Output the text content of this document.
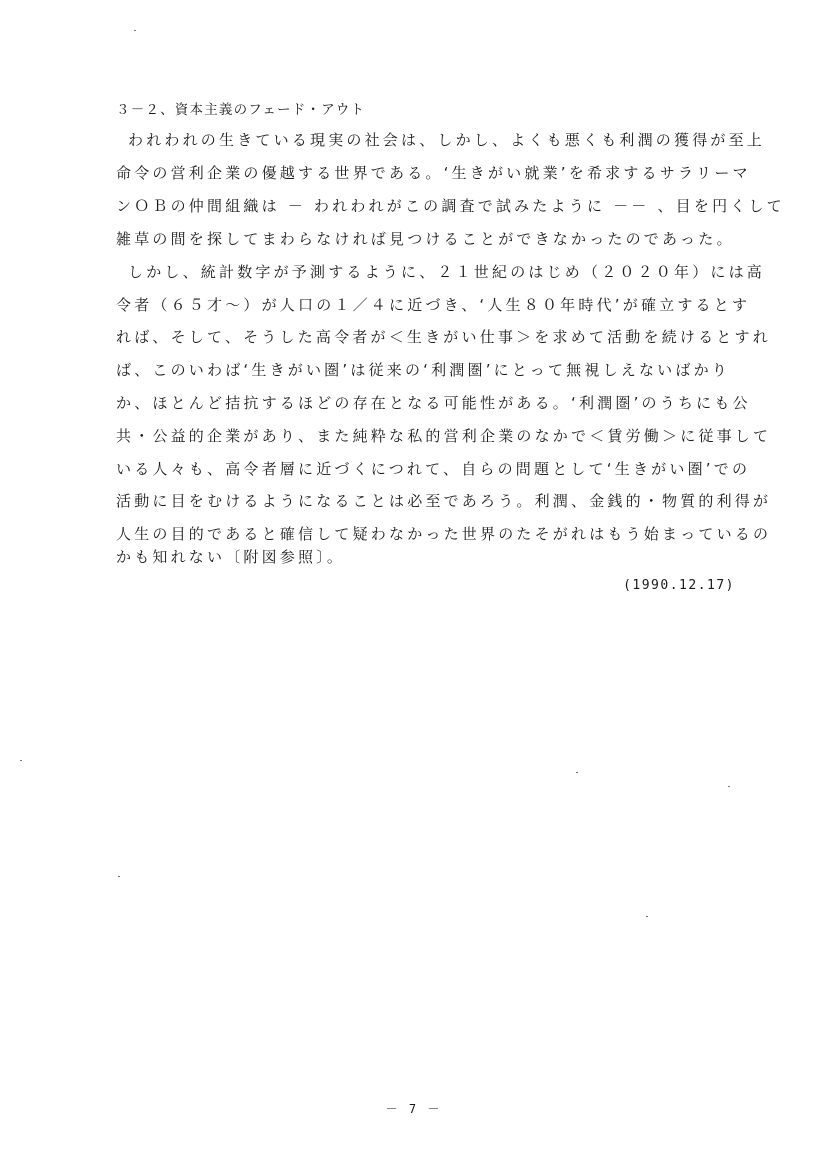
３－２、資本主義のフェード・アウト
われわれの生きている現実の社会は、しかし、よくも悪くも利潤の獲得が至上
命令の営利企業の優越する世界である。‘生きがい就業’を希求するサラリーマ
ンＯＢの仲間組織は － われわれがこの調査で試みたように －－ 、目を円くして
雑草の間を探してまわらなければ見つけることができなかったのであった。
しかし、統計数字が予測するように、２１世紀のはじめ（２０２０年）には高
令者（６５才～）が人口の１／４に近づき、‘人生８０年時代’が確立するとす
れば、そして、そうした高令者が＜生きがい仕事＞を求めて活動を続けるとすれ
ば、このいわば‘生きがい圏’は従来の‘利潤圏’にとって無視しえないばかり
か、ほとんど拮抗するほどの存在となる可能性がある。‘利潤圏’のうちにも公
共・公益的企業があり、また純粋な私的営利企業のなかで＜賃労働＞に従事して
いる人々も、高令者層に近づくにつれて、自らの問題として‘生きがい圏’での
活動に目をむけるようになることは必至であろう。利潤、金銭的・物質的利得が
人生の目的であると確信して疑わなかった世界のたそがれはもう始まっているの
かも知れない〔附図参照〕。
(1990.12.17)
－ 7 －
